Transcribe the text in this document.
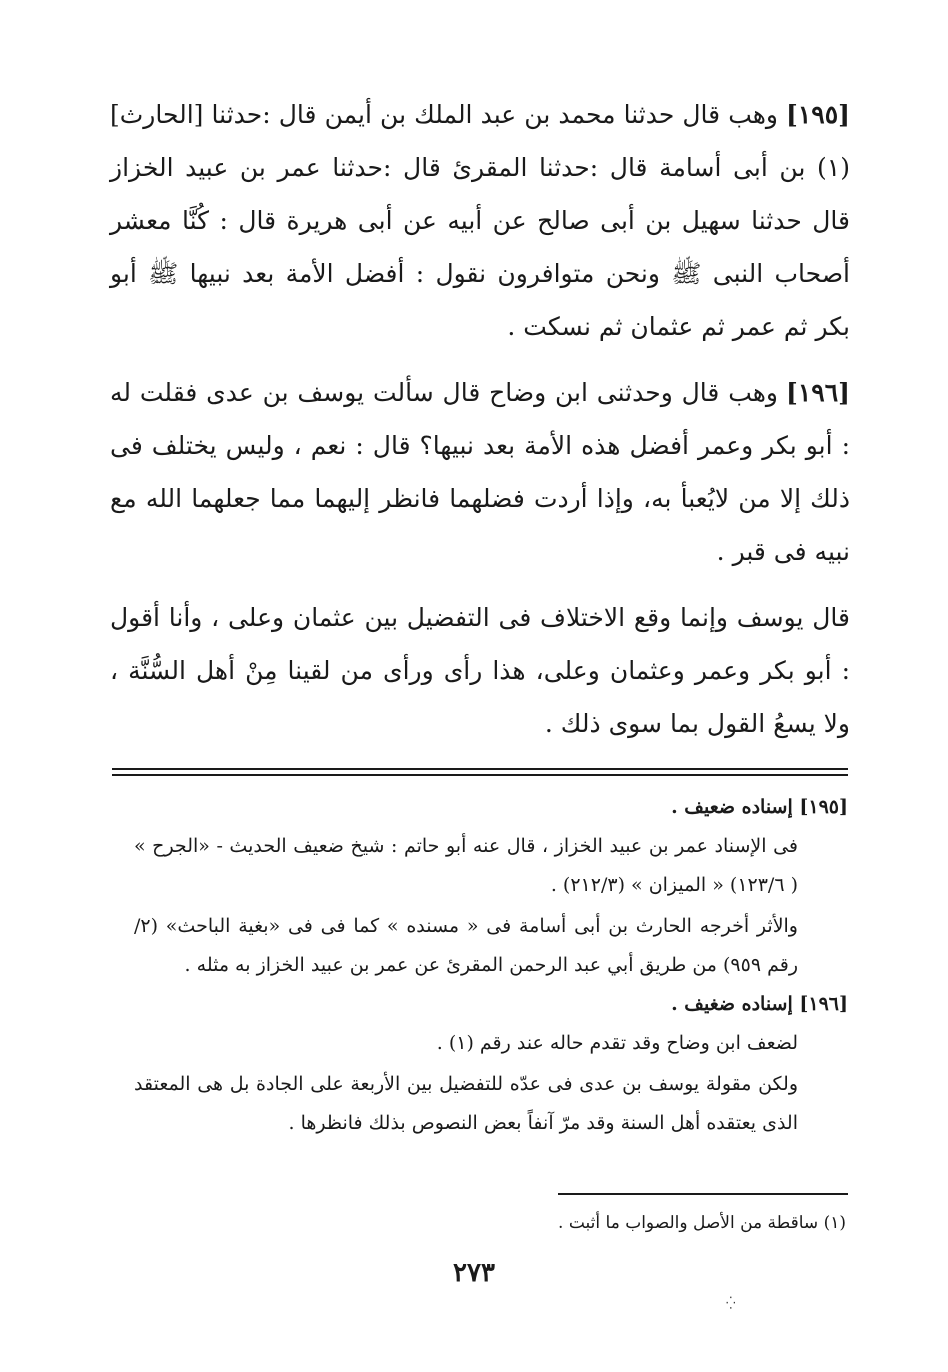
[١٩٥]وهب قال حدثنا محمد بن عبد الملك بن أيمن قال :حدثنا [الحارث] (١) بن أبى أسامة قال :حدثنا المقرئ قال :حدثنا عمر بن عبيد الخزاز قال حدثنا سهيل بن أبى صالح عن أبيه عن أبى هريرة قال : كُنَّا معشر أصحاب النبى ﷺ ونحن متوافرون نقول : أفضل الأمة بعد نبيها ﷺ أبو بكر ثم عمر ثم عثمان ثم نسكت .

[١٩٦]وهب قال وحدثنى ابن وضاح قال سألت يوسف بن عدى فقلت له : أبو بكر وعمر أفضل هذه الأمة بعد نبيها؟ قال : نعم ، وليس يختلف فى ذلك إلا من لايُعبأ به، وإذا أردت فضلهما فانظر إليهما مما جعلهما الله مع نبيه فى قبر .

قال يوسف وإنما وقع الاختلاف فى التفضيل بين عثمان وعلى ، وأنا أقول : أبو بكر وعمر وعثمان وعلى، هذا رأى ورأى من لقينا مِنْ أهل السُّنَّة ، ولا يسعُ القول بما سوى ذلك .

[١٩٥] إسناده ضعيف .

فى الإسناد عمر بن عبيد الخزاز ، قال عنه أبو حاتم : شيخ ضعيف الحديث - «الجرح » ( ١٢٣/٦) « الميزان » (٢١٢/٣) .

والأثر أخرجه الحارث بن أبى أسامة فى « مسنده » كما فى فى «بغية الباحث» (٢/ رقم ٩٥٩) من طريق أبي عبد الرحمن المقرئ عن عمر بن عبيد الخزاز به مثله .

[١٩٦] إسناده ضغيف .

لضعف ابن وضاح وقد تقدم حاله عند رقم (١) .

ولكن مقولة يوسف بن عدى فى عدّه للتفضيل بين الأربعة على الجادة بل هى المعتقد الذى يعتقده أهل السنة وقد مرّ آنفاً بعض النصوص بذلك فانظرها .

(١) ساقطة من الأصل والصواب ما أثبت .
٢٧٣
⁛
